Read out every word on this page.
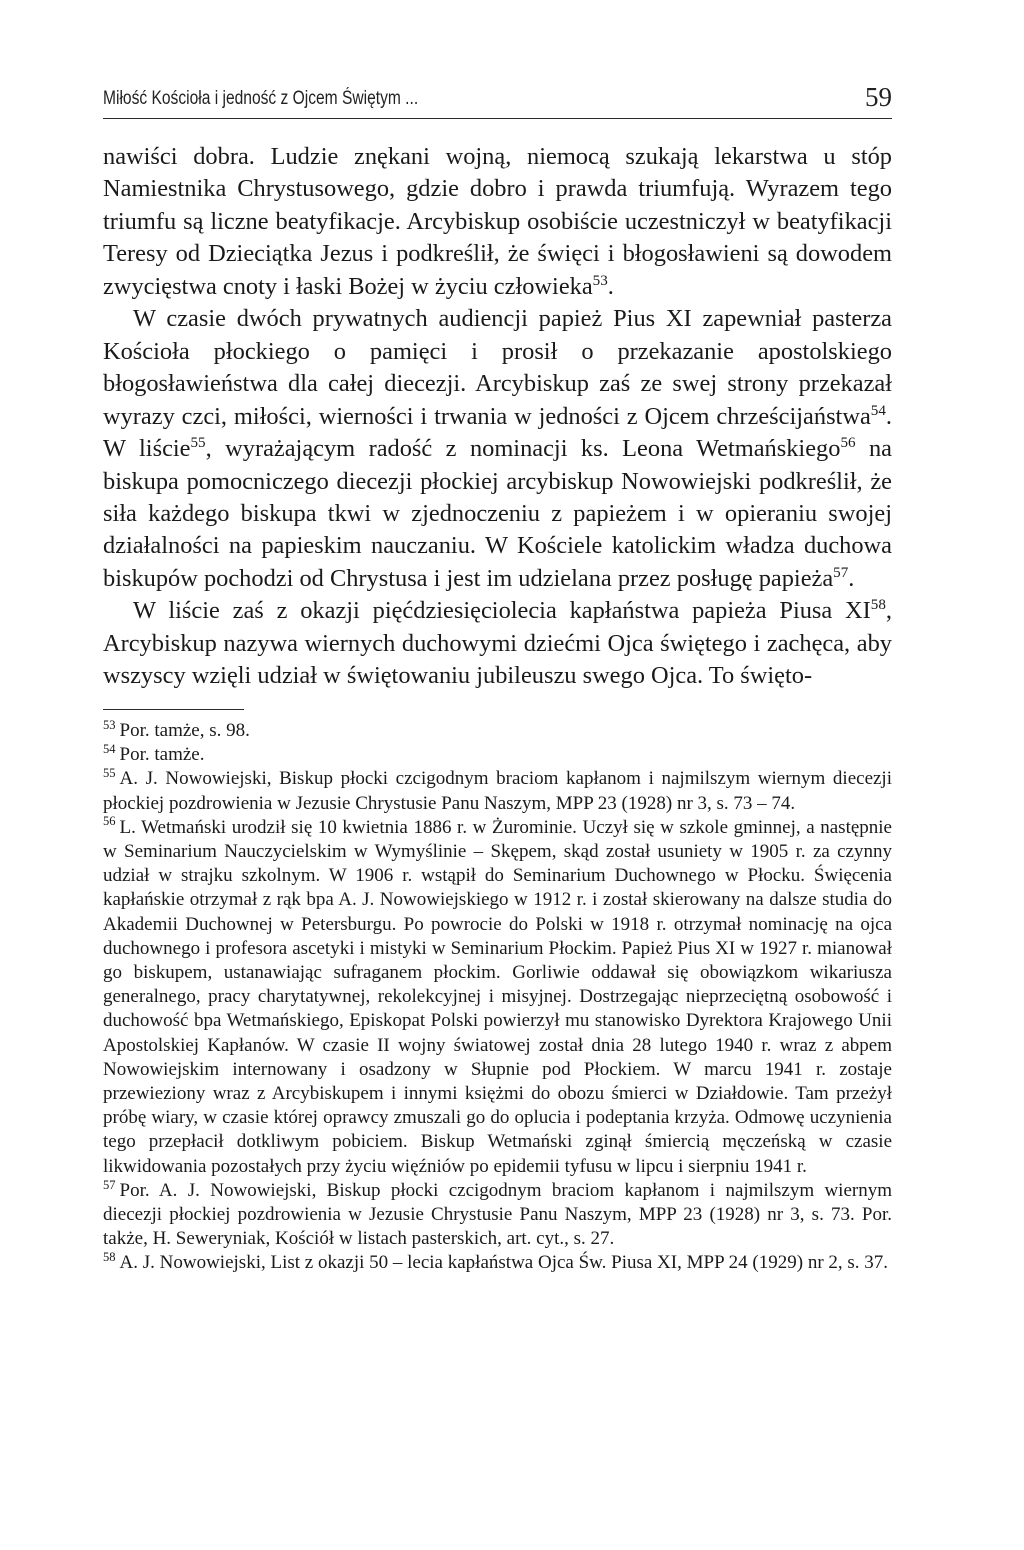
Miłość Kościoła i jedność z Ojcem Świętym ...	59

nawiści dobra. Ludzie znękani wojną, niemocą szukają lekarstwa u stóp Namiestnika Chrystusowego, gdzie dobro i prawda triumfują. Wyrazem tego triumfu są liczne beatyfikacje. Arcybiskup osobiście uczestniczył w beatyfikacji Teresy od Dzieciątka Jezus i podkreślił, że święci i błogosławieni są dowodem zwycięstwa cnoty i łaski Bożej w życiu człowieka$^{53}$.

W czasie dwóch prywatnych audiencji papież Pius XI zapewniał pasterza Kościoła płockiego o pamięci i prosił o przekazanie apostolskiego błogosławieństwa dla całej diecezji. Arcybiskup zaś ze swej strony przekazał wyrazy czci, miłości, wierności i trwania w jedności z Ojcem chrześcijaństwa$^{54}$. W liście$^{55}$, wyrażającym radość z nominacji ks. Leona Wetmańskiego$^{56}$ na biskupa pomocniczego diecezji płockiej arcybiskup Nowowiejski podkreślił, że siła każdego biskupa tkwi w zjednoczeniu z papieżem i w opieraniu swojej działalności na papieskim nauczaniu. W Kościele katolickim władza duchowa biskupów pochodzi od Chrystusa i jest im udzielana przez posługę papieża$^{57}$.

W liście zaś z okazji pięćdziesięciolecia kapłaństwa papieża Piusa XI$^{58}$, Arcybiskup nazywa wiernych duchowymi dziećmi Ojca świętego i zachęca, aby wszyscy wzięli udział w świętowaniu jubileuszu swego Ojca. To święto-

$^{53}$ Por. tamże, s. 98.

$^{54}$ Por. tamże.

$^{55}$ A. J. Nowowiejski, Biskup płocki czcigodnym braciom kapłanom i najmilszym wiernym diecezji płockiej pozdrowienia w Jezusie Chrystusie Panu Naszym, MPP 23 (1928) nr 3, s. 73 – 74.

$^{56}$ L. Wetmański urodził się 10 kwietnia 1886 r. w Żurominie. Uczył się w szkole gminnej, a następnie w Seminarium Nauczycielskim w Wymyślinie – Skępem, skąd został usuniety w 1905 r. za czynny udział w strajku szkolnym. W 1906 r. wstąpił do Seminarium Duchownego w Płocku. Święcenia kapłańskie otrzymał z rąk bpa A. J. Nowowiejskiego w 1912 r. i został skierowany na dalsze studia do Akademii Duchownej w Petersburgu. Po powrocie do Polski w 1918 r. otrzymał nominację na ojca duchownego i profesora ascetyki i mistyki w Seminarium Płockim. Papież Pius XI w 1927 r. mianował go biskupem, ustanawiając sufraganem płockim. Gorliwie oddawał się obowiązkom wikariusza generalnego, pracy charytatywnej, rekolekcyjnej i misyjnej. Dostrzegając nieprzeciętną osobowość i duchowość bpa Wetmańskiego, Episkopat Polski powierzył mu stanowisko Dyrektora Krajowego Unii Apostolskiej Kapłanów. W czasie II wojny światowej został dnia 28 lutego 1940 r. wraz z abpem Nowowiejskim internowany i osadzony w Słupnie pod Płockiem. W marcu 1941 r. zostaje przewieziony wraz z Arcybiskupem i innymi księżmi do obozu śmierci w Działdowie. Tam przeżył próbę wiary, w czasie której oprawcy zmuszali go do oplucia i podeptania krzyża. Odmowę uczynienia tego przepłacił dotkliwym pobiciem. Biskup Wetmański zginął śmiercią męczeńską w czasie likwidowania pozostałych przy życiu więźniów po epidemii tyfusu w lipcu i sierpniu 1941 r.

$^{57}$ Por. A. J. Nowowiejski, Biskup płocki czcigodnym braciom kapłanom i najmilszym wiernym diecezji płockiej pozdrowienia w Jezusie Chrystusie Panu Naszym, MPP 23 (1928) nr 3, s. 73. Por. także, H. Seweryniak, Kościół w listach pasterskich, art. cyt., s. 27.

$^{58}$ A. J. Nowowiejski, List z okazji 50 – lecia kapłaństwa Ojca Św. Piusa XI, MPP 24 (1929) nr 2, s. 37.
